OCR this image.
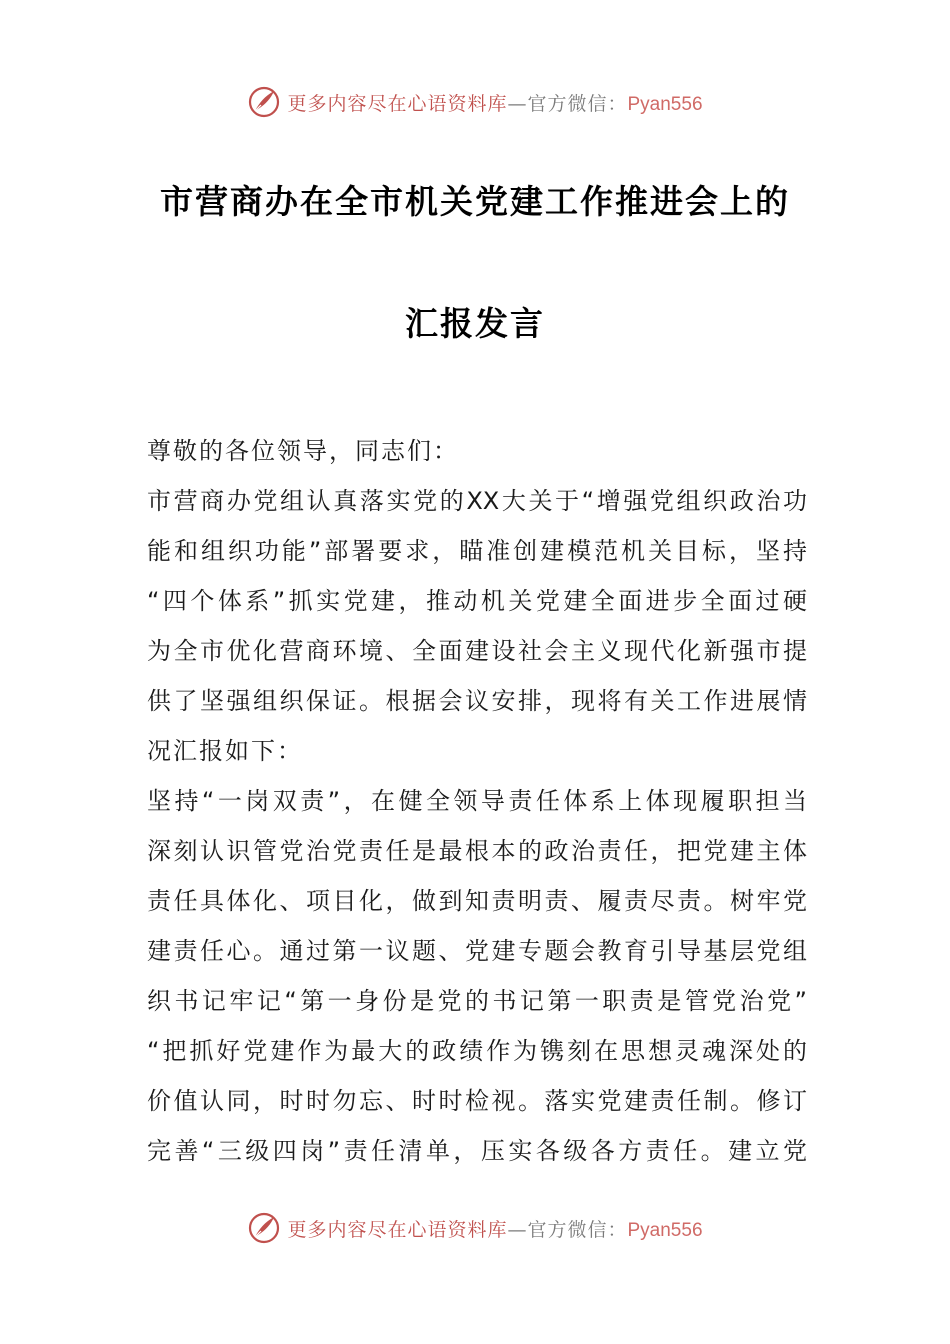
更多内容尽在心语资料库—官方微信：Pyan556
市营商办在全市机关党建工作推进会上的
汇报发言
尊敬的各位领导，同志们：
市营商办党组认真落实党的XX大关于“增强党组织政治功
能和组织功能”部署要求，瞄准创建模范机关目标，坚持
“四个体系”抓实党建，推动机关党建全面进步全面过硬
为全市优化营商环境、全面建设社会主义现代化新强市提
供了坚强组织保证。根据会议安排，现将有关工作进展情
况汇报如下：
坚持“一岗双责”，在健全领导责任体系上体现履职担当
深刻认识管党治党责任是最根本的政治责任，把党建主体
责任具体化、项目化，做到知责明责、履责尽责。树牢党
建责任心。通过第一议题、党建专题会教育引导基层党组
织书记牢记“第一身份是党的书记第一职责是管党治党”
“把抓好党建作为最大的政绩作为镌刻在思想灵魂深处的
价值认同，时时勿忘、时时检视。落实党建责任制。修订
完善“三级四岗”责任清单，压实各级各方责任。建立党
更多内容尽在心语资料库—官方微信：Pyan556
